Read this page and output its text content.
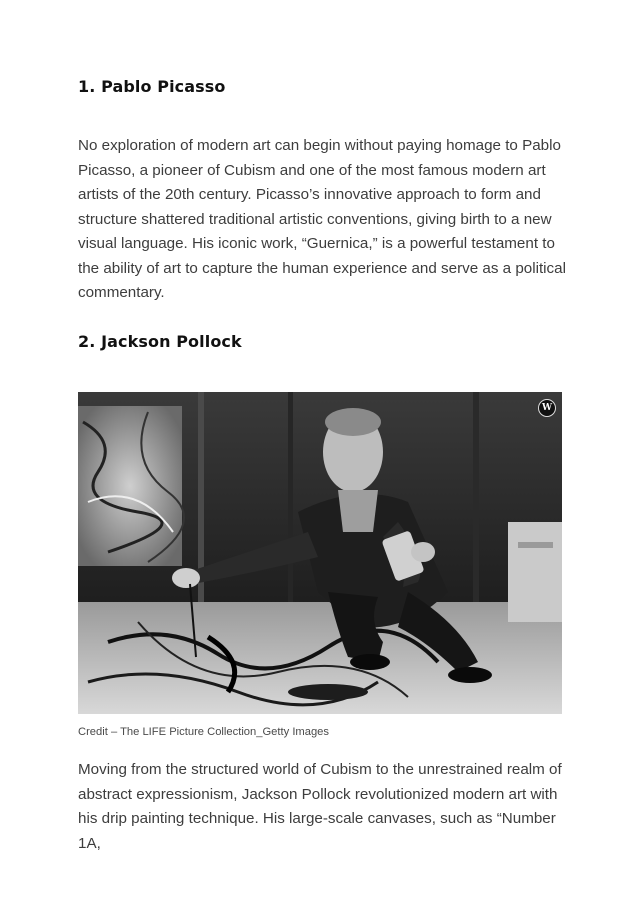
1. Pablo Picasso

No exploration of modern art can begin without paying homage to Pablo Picasso, a pioneer of Cubism and one of the most famous modern art artists of the 20th century. Picasso’s innovative approach to form and structure shattered traditional artistic conventions, giving birth to a new visual language. His iconic work, “Guernica,” is a powerful testament to the ability of art to capture the human experience and serve as a political commentary.

2. Jackson Pollock
W

Credit – The LIFE Picture Collection_Getty Images

Moving from the structured world of Cubism to the unrestrained realm of abstract expressionism, Jackson Pollock revolutionized modern art with his drip painting technique. His large-scale canvases, such as “Number 1A,
